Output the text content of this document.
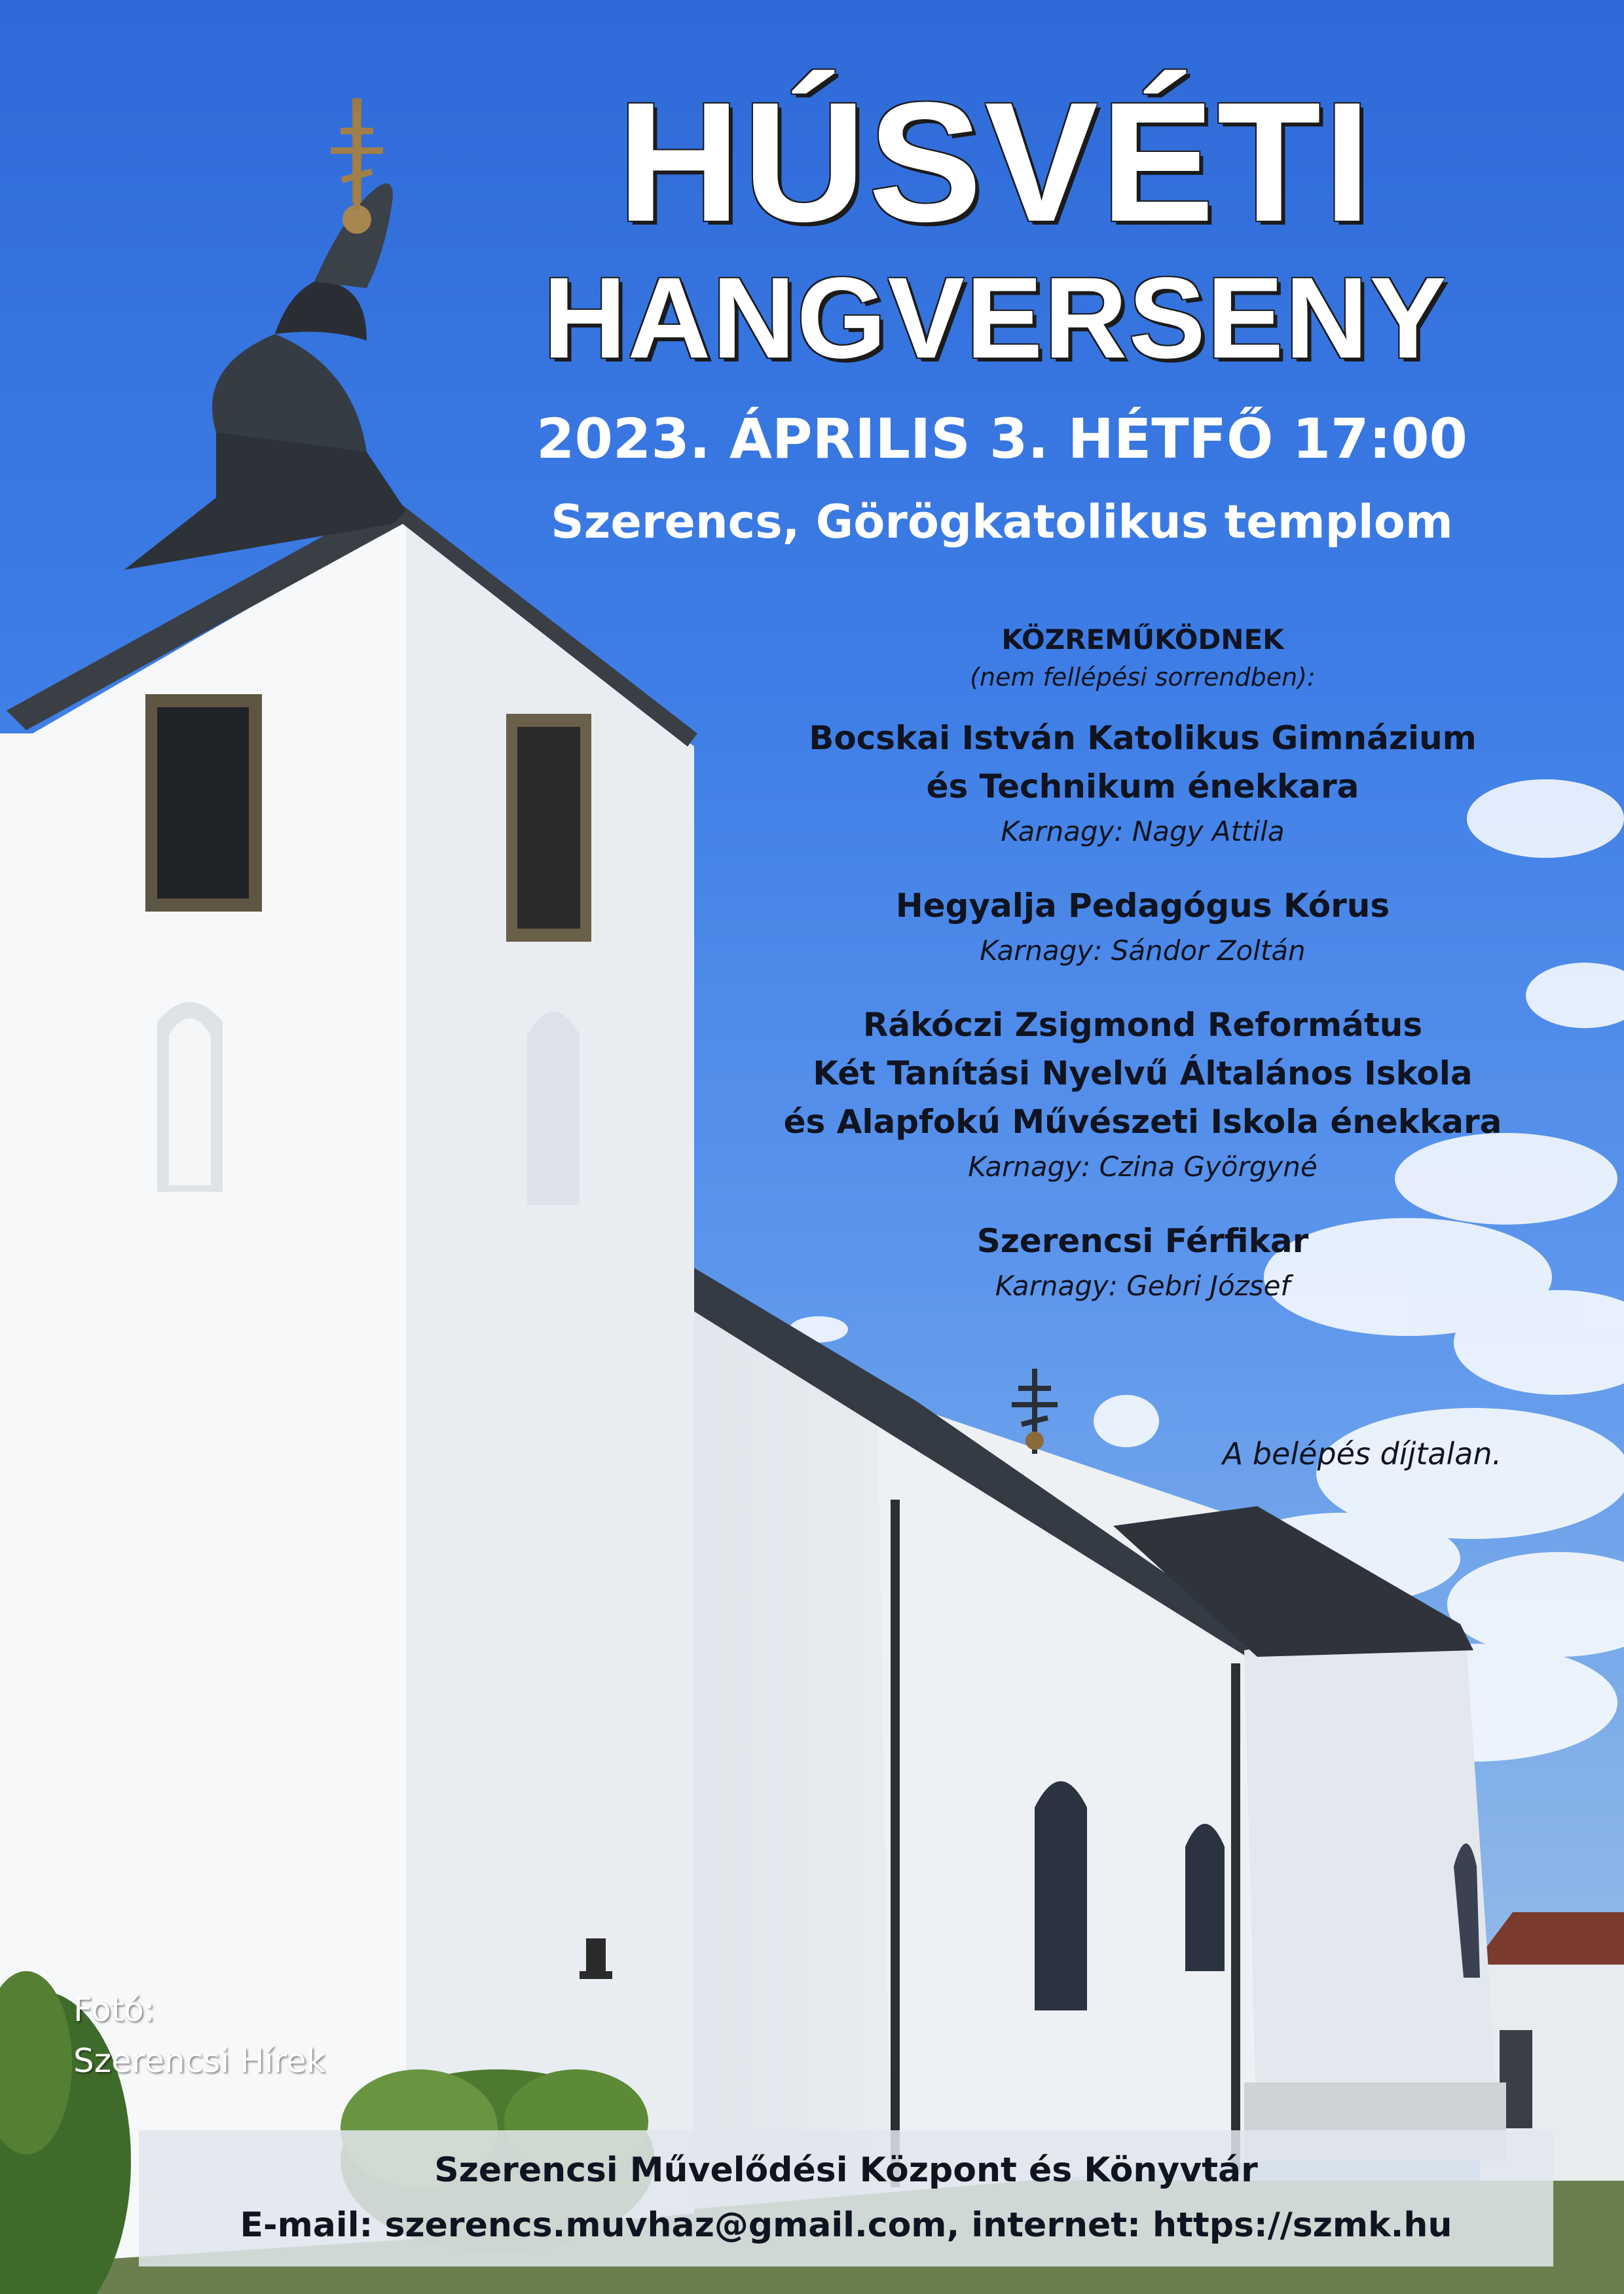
HÚSVÉTI
HANGVERSENY
2023. ÁPRILIS 3. HÉTFŐ 17:00
Szerencs, Görögkatolikus templom
KÖZREMŰKÖDNEK
(nem fellépési sorrendben):
Bocskai István Katolikus Gimnázium
és Technikum énekkara
Karnagy: Nagy Attila
Hegyalja Pedagógus Kórus
Karnagy: Sándor Zoltán
Rákóczi Zsigmond Református
Két Tanítási Nyelvű Általános Iskola
és Alapfokú Művészeti Iskola énekkara
Karnagy: Czina Györgyné
Szerencsi Férfikar
Karnagy: Gebri József
A belépés díjtalan.
Fotó:
Szerencsi Hírek
Szerencsi Művelődési Központ és Könyvtár
E-mail: szerencs.muvhaz@gmail.com, internet: https://szmk.hu
